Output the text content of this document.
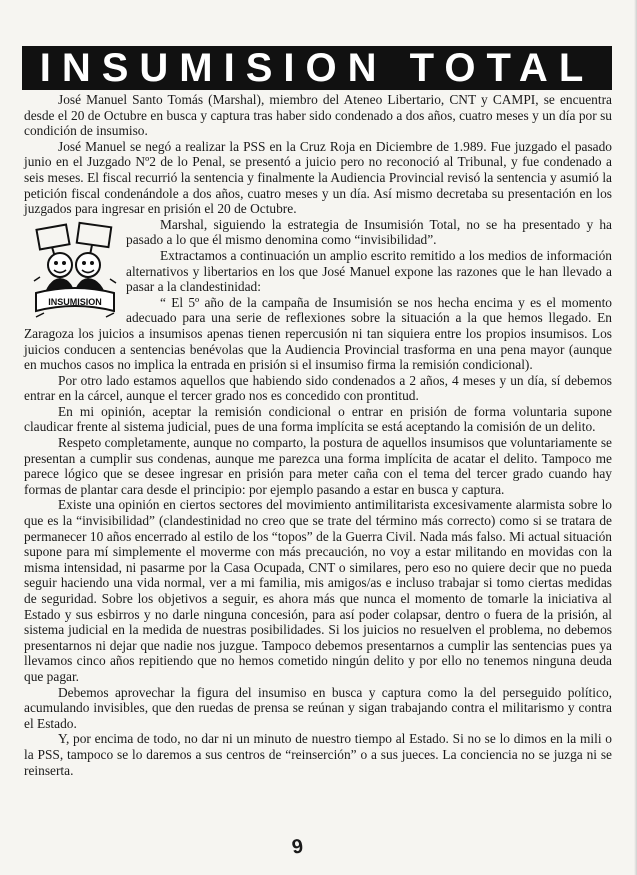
INSUMISION TOTAL

José Manuel Santo Tomás (Marshal), miembro del Ateneo Libertario, CNT y CAMPI, se encuentra desde el 20 de Octubre en busca y captura tras haber sido condenado a dos años, cuatro meses y un día por su condición de insumiso.

José Manuel se negó a realizar la PSS en la Cruz Roja en Diciembre de 1.989. Fue juzgado el pasado junio en el Juzgado Nº2 de lo Penal, se presentó a juicio pero no reconoció al Tribunal, y fue condenado a seis meses. El fiscal recurrió la sentencia y finalmente la Audiencia Provincial revisó la sentencia y asumió la petición fiscal condenándole a dos años, cuatro meses y un día. Así mismo decretaba su presentación en los juzgados para ingresar en prisión el 20 de Octubre.

INSUMISION

Marshal, siguiendo la estrategia de Insumisión Total, no se ha presentado y ha pasado a lo que él mismo denomina como “invisibilidad”.

Extractamos a continuación un amplio escrito remitido a los medios de información alternativos y libertarios en los que José Manuel expone las razones que le han llevado a pasar a la clandestinidad:

“ El 5º año de la campaña de Insumisión se nos hecha encima y es el momento adecuado para una serie de reflexiones sobre la situación a la que hemos llegado. En Zaragoza los juicios a insumisos apenas tienen repercusión ni tan siquiera entre los propios insumisos. Los juicios conducen a sentencias benévolas que la Audiencia Provincial trasforma en una pena mayor (aunque en muchos casos no implica la entrada en prisión si el insumiso firma la remisión condicional).

Por otro lado estamos aquellos que habiendo sido condenados a 2 años, 4 meses y un día, sí debemos entrar en la cárcel, aunque el tercer grado nos es concedido con prontitud.

En mi opinión, aceptar la remisión condicional o entrar en prisión de forma voluntaria supone claudicar frente al sistema judicial, pues de una forma implícita se está aceptando la comisión de un delito.

Respeto completamente, aunque no comparto, la postura de aquellos insumisos que voluntariamente se presentan a cumplir sus condenas, aunque me parezca una forma implícita de acatar el delito. Tampoco me parece lógico que se desee ingresar en prisión para meter caña con el tema del tercer grado cuando hay formas de plantar cara desde el principio: por ejemplo pasando a estar en busca y captura.

Existe una opinión en ciertos sectores del movimiento antimilitarista excesivamente alarmista sobre lo que es la “invisibilidad” (clandestinidad no creo que se trate del término más correcto) como si se tratara de permanecer 10 años encerrado al estilo de los “topos” de la Guerra Civil. Nada más falso. Mi actual situación supone para mí simplemente el moverme con más precaución, no voy a estar militando en movidas con la misma intensidad, ni pasarme por la Casa Ocupada, CNT o similares, pero eso no quiere decir que no pueda seguir haciendo una vida normal, ver a mi familia, mis amigos/as e incluso trabajar si tomo ciertas medidas de seguridad. Sobre los objetivos a seguir, es ahora más que nunca el momento de tomarle la iniciativa al Estado y sus esbirros y no darle ninguna concesión, para así poder colapsar, dentro o fuera de la prisión, al sistema judicial en la medida de nuestras posibilidades. Si los juicios no resuelven el problema, no debemos presentarnos ni dejar que nadie nos juzgue. Tampoco debemos presentarnos a cumplir las sentencias pues ya llevamos cinco años repitiendo que no hemos cometido ningún delito y por ello no tenemos ninguna deuda que pagar.

Debemos aprovechar la figura del insumiso en busca y captura como la del perseguido político, acumulando invisibles, que den ruedas de prensa se reúnan y sigan trabajando contra el militarismo y contra el Estado.

Y, por encima de todo, no dar ni un minuto de nuestro tiempo al Estado. Si no se lo dimos en la mili o la PSS, tampoco se lo daremos a sus centros de “reinserción” o a sus jueces. La conciencia no se juzga ni se reinserta.

9
